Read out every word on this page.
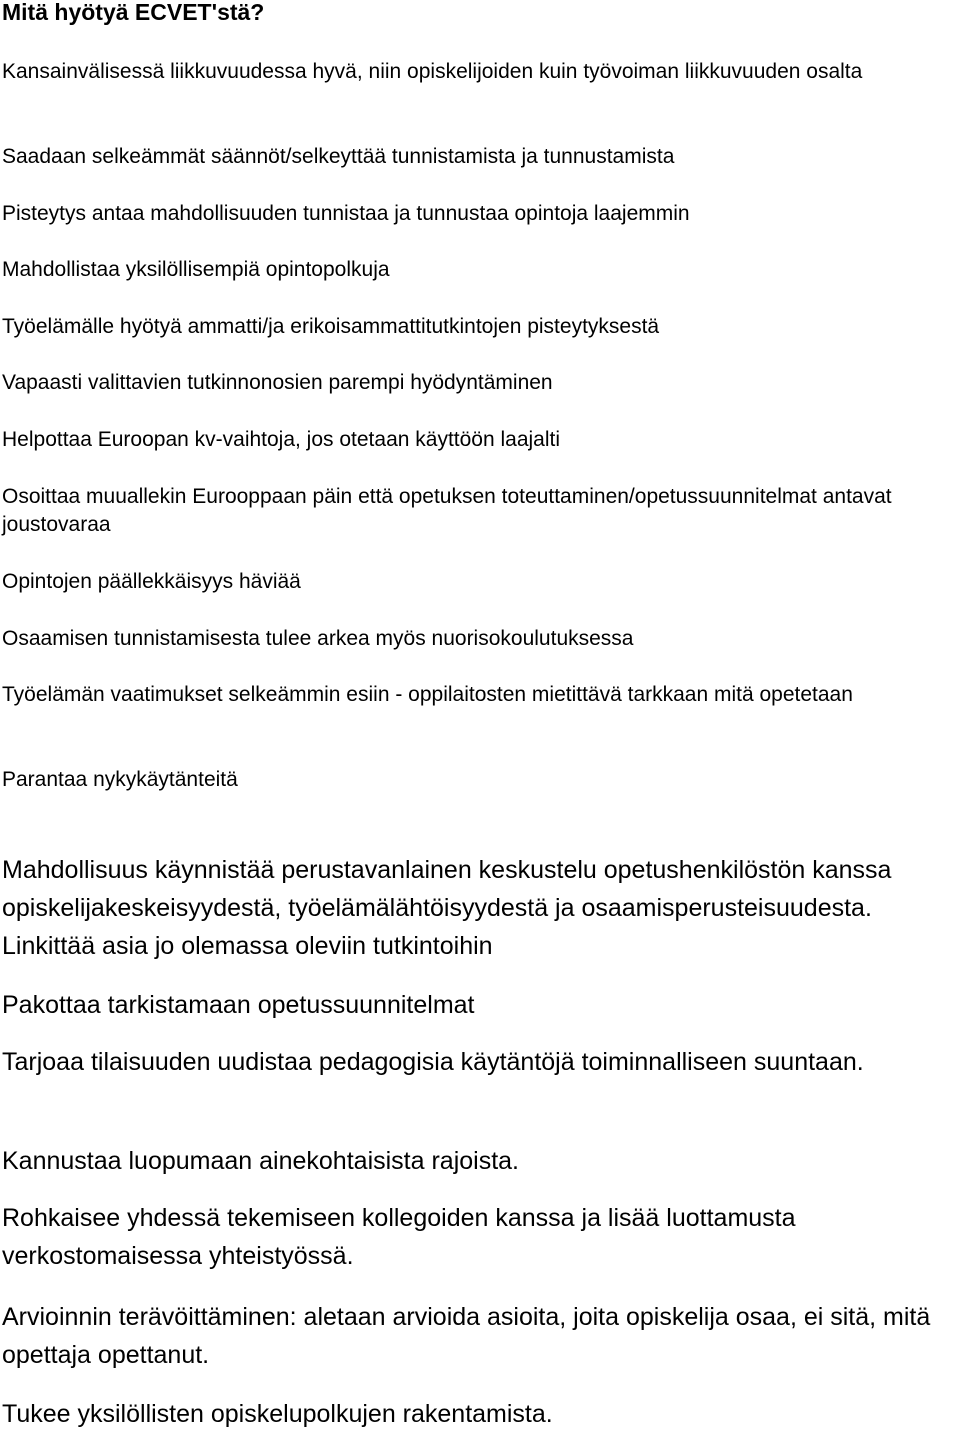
Mitä hyötyä ECVET'stä?

Kansainvälisessä liikkuvuudessa hyvä, niin opiskelijoiden kuin työvoiman liikkuvuuden osalta

Saadaan selkeämmät säännöt/selkeyttää tunnistamista ja tunnustamista

Pisteytys antaa mahdollisuuden tunnistaa ja tunnustaa opintoja laajemmin

Mahdollistaa yksilöllisempiä opintopolkuja

Työelämälle hyötyä ammatti/ja erikoisammattitutkintojen pisteytyksestä

Vapaasti valittavien tutkinnonosien parempi hyödyntäminen

Helpottaa Euroopan kv-vaihtoja, jos otetaan käyttöön laajalti

Osoittaa muuallekin Eurooppaan päin että opetuksen toteuttaminen/opetussuunnitelmat antavat joustovaraa

Opintojen päällekkäisyys häviää

Osaamisen tunnistamisesta tulee arkea myös nuorisokoulutuksessa

Työelämän vaatimukset selkeämmin esiin - oppilaitosten mietittävä tarkkaan mitä opetetaan

Parantaa nykykäytänteitä

Mahdollisuus käynnistää perustavanlainen keskustelu opetushenkilöstön kanssa opiskelijakeskeisyydestä, työelämälähtöisyydestä ja osaamisperusteisuudesta. Linkittää asia jo olemassa oleviin tutkintoihin

Pakottaa tarkistamaan opetussuunnitelmat

Tarjoaa tilaisuuden uudistaa pedagogisia käytäntöjä toiminnalliseen suuntaan.

Kannustaa luopumaan ainekohtaisista rajoista.

Rohkaisee yhdessä tekemiseen kollegoiden kanssa ja lisää luottamusta verkostomaisessa yhteistyössä.

Arvioinnin terävöittäminen: aletaan arvioida asioita, joita opiskelija osaa, ei sitä, mitä opettaja opettanut.

Tukee yksilöllisten opiskelupolkujen rakentamista.
